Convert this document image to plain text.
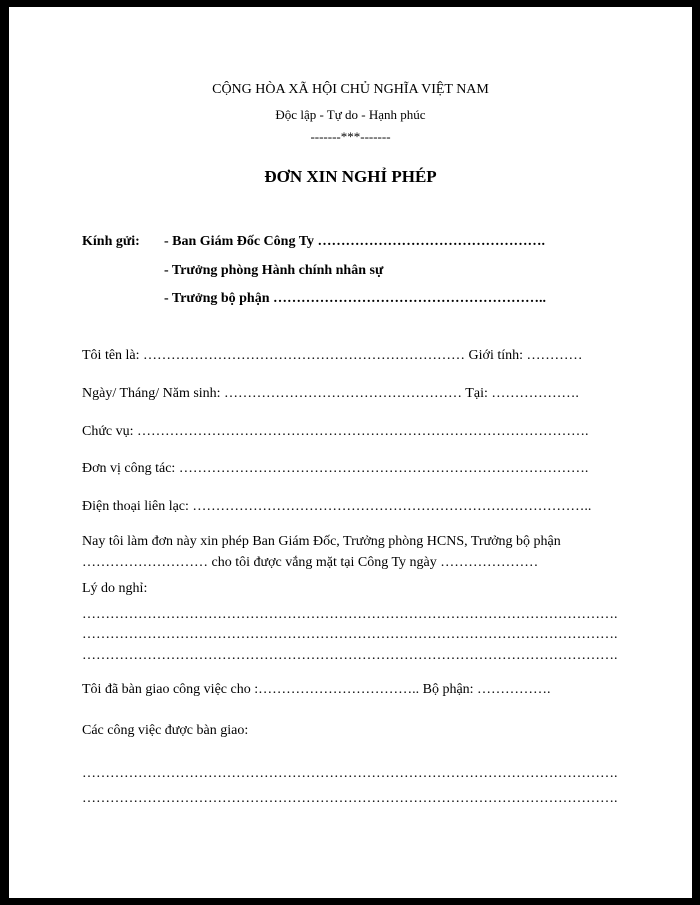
CỘNG HÒA XÃ HỘI CHỦ NGHĨA VIỆT NAM
Độc lập - Tự do - Hạnh phúc
-------***-------
ĐƠN XIN NGHỈ PHÉP
Kính gửi: - Ban Giám Đốc Công Ty ………………………………………….
- Trưởng phòng Hành chính nhân sự
- Trưởng bộ phận …………………………………………………..
Tôi tên là: …………………………………………………………… Giới tính: …………
Ngày/ Tháng/ Năm sinh: …………………………………………… Tại: ……………….
Chức vụ: …………………………………………………………………………………….
Đơn vị công tác: …………………………………………………………………………….
Điện thoại liên lạc: …………………………………………………………………………..
Nay tôi làm đơn này xin phép Ban Giám Đốc, Trưởng phòng HCNS, Trưởng bộ phận
……………………… cho tôi được vắng mặt tại Công Ty ngày …………………
Lý do nghỉ:
…………………………………………………………………………………………………….
…………………………………………………………………………………………………….
…………………………………………………………………………………………………….
Tôi đã bàn giao công việc cho :…………………………….. Bộ phận: …………….
Các công việc được bàn giao:
…………………………………………………………………………………………………….
…………………………………………………………………………………………………….
